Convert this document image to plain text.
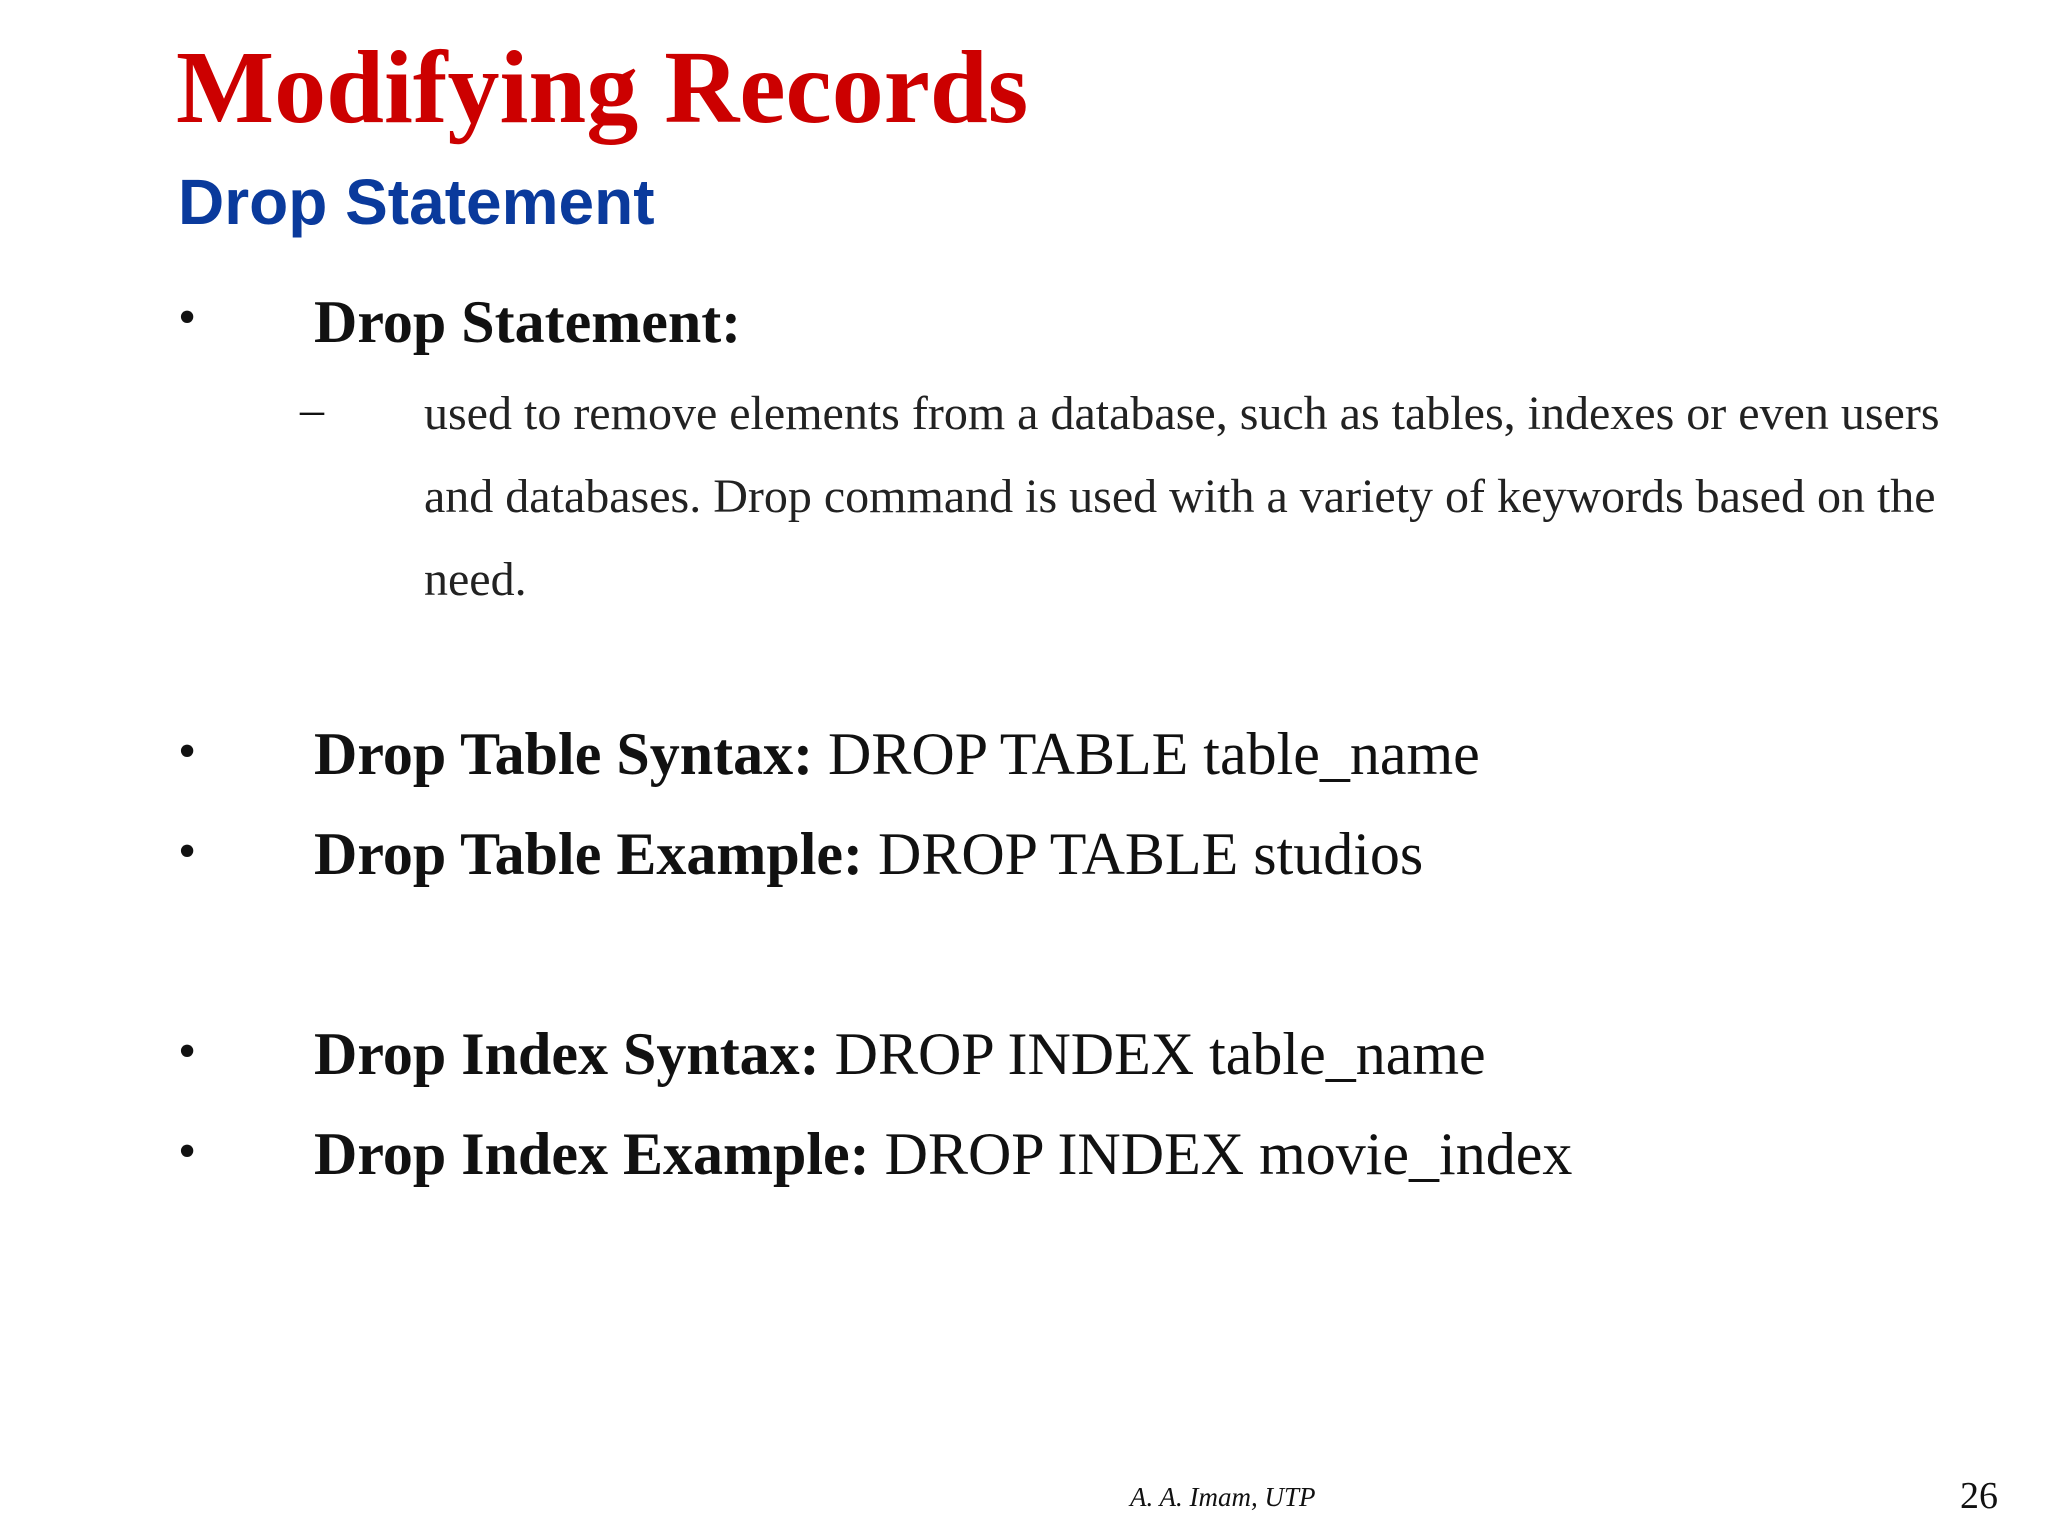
Modifying Records
Drop Statement
• Drop Statement:
– used to remove elements from a database, such as tables, indexes or even users and databases. Drop command is used with a variety of keywords based on the need.
• Drop Table Syntax: DROP TABLE table_name
• Drop Table Example: DROP TABLE studios
• Drop Index Syntax: DROP INDEX table_name
• Drop Index Example: DROP INDEX movie_index
A. A. Imam, UTP	26
